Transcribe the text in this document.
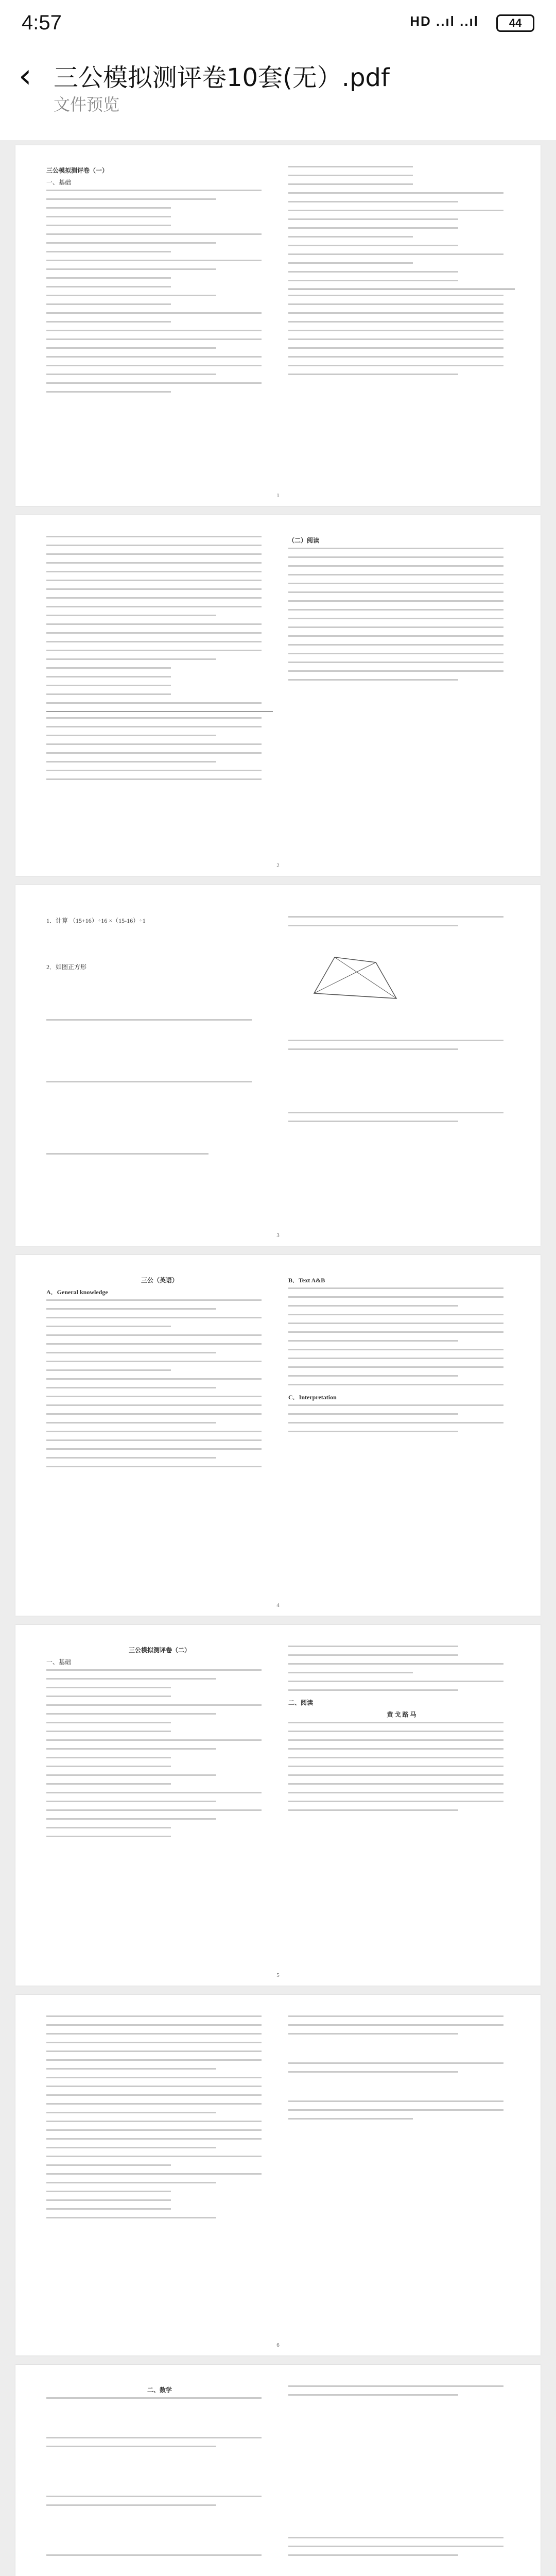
4:57	HD ..ıl ..ıl	44
‹ 三公模拟测评卷10套(无）.pdf
文件预览
三公模拟测评卷（一）
一、基础
1
（二）阅读
2
1．计算 （15+16）÷16 ×（15-16）÷1
2．如图正方形
3
三公（英语）
A．General knowledge
B．Text A&B
C．Interpretation
4
三公模拟测评卷（二）
一、基础
二、阅读
黄 戈 路 马
5
6
二、数学
